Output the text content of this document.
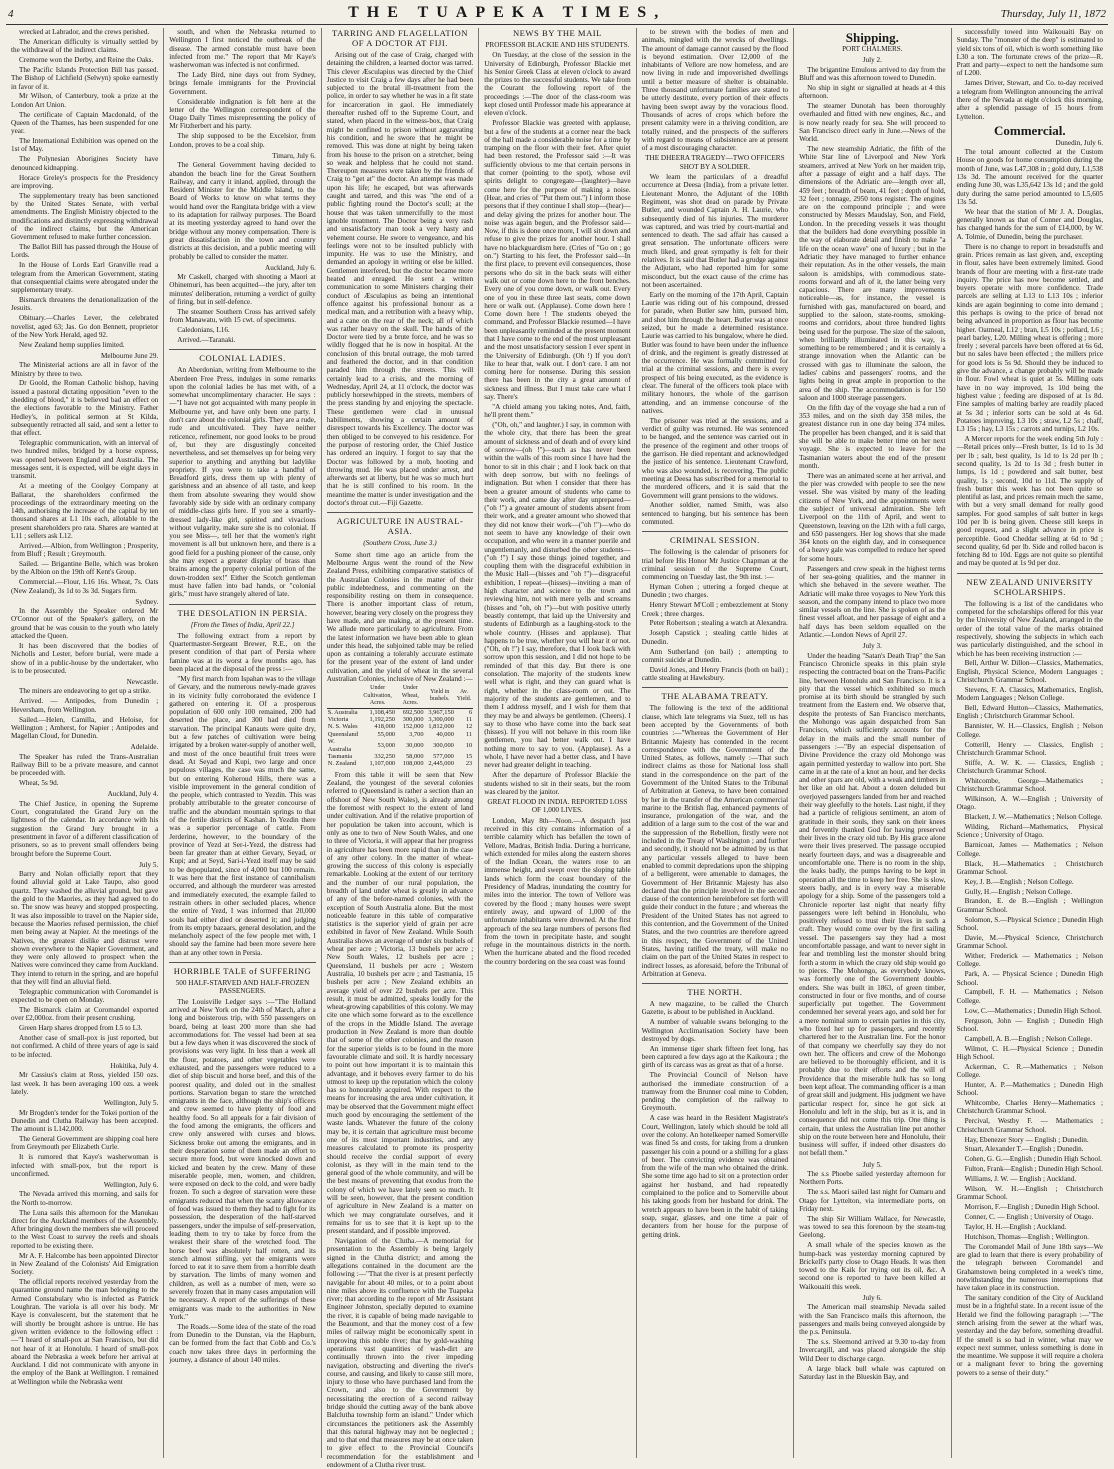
4	THE TUAPEKA TIMES,	Thursday, July 11, 1872

wrecked at Labrador, and the crews perished.

The American difficulty is virtually settled by the withdrawal of the indirect claims.

Cremorne won the Derby, and Reine the Oaks.

The Pacific Islands Protection Bill has passed. The Bishop of Lichfield (Selwyn) spoke earnestly in favor of it.

Mr Wilson, of Canterbury, took a prize at the London Art Union.

The certificate of Captain Macdonald, of the Queen of the Thames, has been suspended for one year.

The International Exhibition was opened on the 1st of May.

The Polynesian Aborigines Society have denounced kidnapping.

Horace Greley's prospects for the Presidency are improving.

The supplementary treaty has been sanctioned by the United States Senate, with verbal amendments. The English Ministry objected to the modifications and distinctly expressing withdrawal of the indirect claims, but the American Government refused to make further concession.

The Ballot Bill has passed through the House of Lords.

In the House of Lords Earl Granville read a telegram from the American Government, stating that consequential claims were abrogated under the supplementary treaty.

Bismarck threatens the denationalization of the Jesuits.

Obituary.—Charles Lever, the celebrated novelist, aged 63; Jas. Go don Bennett, proprietor of the New York Herald, aged 92.

New Zealand hemp supplies limited.

Melbourne June 29.

The Ministerial actions are all in favor of the Ministry by three to two.

Dr Goold, the Roman Catholic bishop, having issued a pastoral dictating opposition "even to the shedding of blood," it is believed bad an effect on the elections favorable to the Ministry. Father Hedley's, in political sermon at St Kilda, subsequently retracted all said, and sent a letter to that effect.

Telegraphic communication, with an interval of two hundred miles, bridged by a horse express, was opened between England and Australia. The messages sent, it is expected, will be eight days in transmit.

At a meeting of the Coolgey Company at Ballarat, the shareholders confirmed the proceedings of the extraordinary meeting on the 14th, authorising the increase of the capital by ten thousand shares at L1 10s each, allotable to the present shareholders pro rata. Shares are wanted at L11 ; sellers ask L12.

Arrived.—Albion, from Wellington ; Prosperity, from Bluff ; Result ; Greymouth.

Sailed. — Brigantine Belle, which was broken by the Albion on the 19th off Kent's Group.

Commercial.—Flour, L16 16s. Wheat, 7s. Oats (New Zealand), 3s 1d to 3s 3d. Sugars firm.

Sydney.

In the Assembly the Speaker ordered Mr O'Connor out of the Speaker's gallery, on the ground that he was cousin to the youth who lately attacked the Queen.

It has been discovered that the bodies of Nicholls and Lester, before burial, were made a show of in a public-house by the undertaker, who is to be prosecuted.

Newcastle.

The miners are endeavoring to get up a strike.

Arrived. — Antipodes, from Dunedin ; Heversham, from Wellington.

Sailed.—Helen, Camilla, and Heloise, for Wellington ; Amherst, for Napier ; Antipodes and Magellan Cloud, for Dunedin.

Adelaide.

The Speaker has ruled the Trans-Australian Railway Bill to be a private measure, and cannot be proceeded with.

Wheat, 5s 9d.

Auckland, July 4.

The Chief Justice, in opening the Supreme Court, congratulated the Grand Jury on the lightness of the calendar. In accordance with his suggestion the Grand Jury brought in a presentment in favor of a different classification of prisoners, so as to prevent small offenders being brought before the Supreme Court.

July 5.

Barry and Nolan officially report that they found alluvial gold at Lake Taupo, also good quartz. They washed the alluvial ground, but gave the gold to the Maories, as they had agreed to do so. The snow was heavy and stopped prospecting. It was also impossible to travel on the Napier side, because the Maories refused permission, the chief men being away at Napier. At the meetings of the Natives, the greatest dislike and distrust were shown everywhere to the Napier Government, and they were only allowed to prospect when the Natives were convinced they came from Auckland. They intend to return in the spring, and are hopeful that they will find an alluvial field.

Telegraphic communication with Coromandel is expected to be open on Monday.

The Bismarck claim at Coromandel exported over £2,000oz. from their present crushing.

Green Harp shares dropped from L5 to L3.

Another case of small-pox is just reported, but not confirmed. A child of three years of age is said to be infected.

Hokitika, July 4.

Mr Cassius's claim at Ross, yielded 150 ozs. last week. It has been averaging 100 ozs. a week lately.

Wellington, July 5.

Mr Brogden's tender for the Tokei portion of the Dunedin and Clutha Railway has been accepted. The amount is L142,000.

The General Government are shipping coal here from Greymouth per Elizabeth Curle.

It is rumored that Kaye's washerwoman is infected with small-pox, but the report is unconfirmed.

Wellington, July 6.

The Nevada arrived this morning, and sails for the North to-morrow.

The Luna sails this afternoon for the Manukau direct for the Auckland members of the Assembly. After bringing down the members she will proceed to the West Coast to survey the reefs and shoals reported to be existing there.

Mr A. F. Halcombe has been appointed Director in New Zealand of the Colonists' Aid Emigration Society.

The official reports received yesterday from the quarantine ground name the man belonging to the Armed Constabulary who is infected as Patrick Loughran. The variola is all over his body. Mr Kaye is convalescent, but the statement that he will shortly be brought ashore is untrue. He has given written evidence to the following effect :—"I heard of small-pox at San Francisco, but did not hear of it at Honolulu. I heard of small-pox aboard the Nebraska a week before her arrival at Auckland. I did not communicate with anyone in the employ of the Bank at Wellington. I remained at Wellington while the Nebraska went

south, and when the Nebraska returned to Wellington I first noticed the outbreak of the disease. The armed constable must have been infected from me." The report that Mr Kaye's washerwoman was infected is not confirmed.

The Lady Bird, nine days out from Sydney, brings female immigrants for the Provincial Government.

Considerable indignation is felt here at the letter of the Wellington correspondent of the Otago Daily Times misrepresenting the policy of Mr Fitzherbert and his party.

The ship supposed to be the Excelsior, from London, proves to be a coal ship.

Timaru, July 6.

The General Government having decided to abandon the beach line for the Great Southern Railway, and carry it inland, applied, through the Resident Minister for the Middle Island, to the Board of Works to know on what terms they would hand over the Rangitata bridge with a view to its adaptation for railway purposes. The Board at its meeting yesterday agreed to hand over the bridge without any money compensation. There is great dissatisfaction in the town and country districts at this decision, and a public meeting will probably be called to consider the matter.

Auckland, July 6.

Mr Caskell, charged with shooting a Maori at Ohinemuri, has been acquitted—the jury, after ten minutes' deliberation, returning a verdict of guilty of firing, but in self-defence.

The steamer Southern Cross has arrived safely from Manawatu, with 15 cwt. of specimens.

Caledonians, L16.

Arrived.—Taranaki.

COLONIAL LADIES.

An Aberdonian, writing from Melbourne to the Aberdeen Free Press, indulges in some remarks upon the colonial ladies he has met with, of a somewhat uncomplimentary character. He says :—"I have not got acquainted with many people in Melbourne yet, and have only been one party. I don't care about the colonial girls. They are a rude, rude and uncultivated. They have neither reticence, refinement, nor good looks to be proud of, but they are disgustingly conceited nevertheless, and set themselves up for being very superior to anything and anything but ladylike propriety. If you were to take a handful of Breadford girls, dress them up with plenty of garishness and an absence of all taste, and keep them from absolute swearing they would show favorably side by side with an ordinary company of middle-class girls here. If you see a smartly-dressed lady-like girl, spirited and vivacious without vulgarity, make sure she is no colonial. If you see Miss—, tell her that the women's right movement is all but unknown here, and there is a good field for a pushing pioneer of the cause, only she may expect a greater display of brass than brains among the property colonial portion of the down-trodden sex!" Either the Scotch gentleman must have fallen into bad hands, or "colonial girls," must have strangely altered of late.

THE DESOLATION IN PERSIA.

[From the Times of India, April 22.]

The following extract from a report by Quartermaster-Sergeant Brewer, R.E., on the present condition of that part of Persia where famine was at its worst a few months ago, has been placed at the disposal of the press :—

"My first march from Ispahan was to the village of Gevary, and the numerous newly-made graves in its vicinity fully corroborated the evidence I gathered on entering it. Of a prosperous population of 600 only 100 remained, 200 had deserted the place, and 300 had died from starvation. The principal Kanauts were quite dry, but a few patches of cultivation were being irrigated by a broken water-supply of another well, and most of the once beautiful fruit trees were dead. At Seyad and Kupi, two large and once populous villages, the case was much the same, but on entering Koheroud Hills, there was a visible improvement in the general condition of the people, which contrasted to Yezdin. This was probably attributable to the greater concourse of traffic and the abundant mountain springs to that of the fertile districts of Kashan. In Yezdin there was a superior percentage of cattle. From Jerderine, however, to the boundary of the province of Yezd at Ser-i-Yezd, the distress had been far greater than at either Gevary, Seyad, or Kupi; and at Seyd, Sari-i-Yezd itself may be said to be depopulated, since of 4,000 but 100 remain. It was here that the first instance of cannibalism occurred, and although the murderer was arrested and immediately executed, the example failed to restrain others in other secluded places, whence the entire of Yezd, I was informed that 20,000 souls had either died or deserted it; and judging from its empty bazaars, general desolation, and the melancholy aspect of the few people met with, I should say the famine had been more severe here than at any other town in Persia.

HORRIBLE TALE of SUFFERING
500 HALF-STARVED AND HALF-FROZEN PASSENGERS.

The Louisville Ledger says :—"The Holland arrived at New York on the 24th of March, after a long and boisterous trip, with 550 passengers on board, being at least 200 more than she had accommodations for. The vessel had been at sea but a few days when it was discovered the stock of provisions was very light. In less than a week all the flour, potatoes, and other vegetables were exhausted, and the passengers were reduced to a diet of ship biscuit and horse beef, and this of the poorest quality, and doled out in the smallest portions. Starvation began to stare the wretched emigrants in the face, although the ship's officers and crew seemed to have plenty of food and healthy food. So all appeals for a fair division of the food among the emigrants, the officers and crew only answered with curses and blows. Sickness broke out among the emigrants, and in their desperation some of them made an effort to secure more food, but were knocked down and kicked and beaten by the crew. Many of these miserable people, men, women, and children, were exposed on deck to the cold, and were badly frozen. To such a degree of starvation were these emigrants reduced that when the scanty allowance of food was issued to them they had to fight for its possession, the desperation of the half-starved passengers, under the impulse of self-preservation, leading them to try to take by force from the weakest their share of the wretched food. The horse beef was absolutely half rotten, and its stench almost stifling, yet the emigrants were forced to eat it to save them from a horrible death by starvation. The limbs of many women and children, as well as a number of men, were so severely frozen that in many cases amputation will be necessary. A report of the sufferings of these emigrants was made to the authorities in New York."

The Roads.—Some idea of the state of the road from Dunedin to the Dunstan, via the Hapburn, can be formed from the fact that Cobb and Co.'s coach now takes three days in performing the journey, a distance of about 140 miles.

TARRING AND FLAGELLATION OF A DOCTOR AT FIJI.

Arising out of the case of Craig, charged with detaining the children, a learned doctor was tarred. This clever Æsculapius was directed by the Chief Justice to visit Craig a few days after he had been subjected to the brutal ill-treatment from the police, in order to say whether he was in a fit state for incarceration in gaol. He immediately thereafter rushed off to the Supreme Court, and stated, when placed in the witness-box, that Craig might be confined to prison without aggravating his condition, and he swore that he might be removed. This was done at night by being taken from his house to the prison on a stretcher, being so weak and helpless that he could not stand. Thereupon measures were taken by the friends of Craig to "get at" the doctor. An attempt was made upon his life; he escaped, but was afterwards caught and tarred, and this was "the end of a public fighting round the Doctor's scull; at the house that was taken unmercifully to the most ignoble treatment. The Doctor being a very rash and unsatisfactory man took a very hasty and vehement course. He swore to vengeance, and his feelings were not to be insulted publicly with impunity. He was to use the Ministry, and demanded an apology in writing or else be killed. Gentlemen interfered, but the doctor became more heated and enraged. He sent a written communication to some Ministers charging their conduct of Æsculapius as being an intentional offence against his professional honour as a medical man, and a retribution with a heavy whip, and a cane on the rear of the neck; all of which was rather heavy on the skull. The hands of the Doctor were tied by a brute force, and he was so wildly flogged that he is now in hospital. At the conclusion of this brutal outrage, the mob tarred and feathered the doctor, and in that condition paraded him through the streets. This will certainly lead to a crisis, and the morning of Wednesday, April 24, at 11 o'clock, the doctor was publicly horsewhipped in the streets, members of the press standing by and enjoying the spectacle. These gentlemen were clad in unusual habiliments, showing a certain amount of disrespect towards his Excellency. The doctor was then obliged to be conveyed to his residence. For the purpose of restoring order, the Chief Justice has ordered an inquiry. I forgot to say that the Doctor was followed by a mob, hooting and throwing mud. He was placed under arrest, and afterwards set at liberty, but he was so much hurt that he is still confined to his room. In the meantime the matter is under investigation and the doctor's throat cut.—Fiji Gazette.

AGRICULTURE IN AUSTRAL-ASIA.

(Southern Cross, June 3.)

Some short time ago an article from the Melbourne Argus went the round of the New Zealand Press, exhibiting comparative statistics of the Australian Colonies in the matter of their public indebtedness, and commenting on the responsibility resting on them in consequence. There is another important class of return, however, bearing very closely on the progress they have made, and are making, at the present time. We allude more particularly to agriculture. From the latest information we have been able to glean under this head, the subjoined table may be relied upon as containing a tolerably accurate estimate for the present year of the extent of land under cultivation, and the yield of wheat in the several Australian Colonies, inclusive of New Zealand :—

	Under Cultivation, Acres.	Under Wheat, Acres.	Yield in bushels.	Av. Yield.
S. Australia	1,108,450	692,500	3,967,150	6
Victoria	1,192,250	300,000	3,300,000	11
N. S. Wales	418,000	152,000	1,812,000	12
Queensland	55,000	3,700	40,000	11
W. Australia	53,000	30,000	300,000	10
Tasmania	332,250	58,000	577,000	15
N. Zealand	1,107,000	108,000	2,445,000	23

From this table it will be seen that New Zealand, the youngest of the several colonies referred to (Queensland is rather a section than an offshoot of New South Wales), is already among the foremost with respect to the extent of land under cultivation. And if the relative proportion of her population be taken into account, which is only as one to two of New South Wales, and one to three of Victoria, it will appear that her progress in agriculture has been more rapid than in the case of any other colony. In the matter of wheat-growing the success of this colony is especially remarkable. Looking at the extent of our territory and the number of our rural population, the breadth of land under wheat is greatly in advance of any of the before-named colonies, with the exception of South Australia alone. But the most noticeable feature in this table of comparative statistics is the superior yield of grain per acre exhibited in favor of New Zealand. While South Australia shows an average of under six bushels of wheat per acre ; Victoria, 13 bushels per acre ; New South Wales, 12 bushels per acre ; Queensland, 11 bushels per acre ; Western Australia, 10 bushels per acre ; and Tasmania, 15 bushels per acre ; New Zealand exhibits an average yield of over 22 bushels per acre. This result, it must be admitted, speaks loudly for the wheat-growing capabilities of this colony. We may cite one which some forward as to the excellence of the crops in the Middle Island. The average production in New Zealand is more than double that of some of the other colonies, and the reason for the superior yields is to be found in the more favourable climate and soil. It is hardly necessary to point out how important it is to maintain this advantage, and it behoves every farmer to do his utmost to keep up the reputation which the colony has so honourably acquired. With respect to the means for increasing the area under cultivation, it may be observed that the Government might effect much good by encouraging the settlement of the waste lands. Whatever the future of the colony may be, it is certain that agriculture must become one of its most important industries, and any measures calculated to promote its prosperity should receive the cordial support of every colonist, as they will in the main tend to the general good of the whole community, and will be the best means of preventing that exodus from the colony of which we have lately seen so much. It will be seen, however, that the present condition of agriculture in New Zealand is a matter on which we may congratulate ourselves, and it remains for us to see that it is kept up to the present standard, and if possible improved.

Navigation of the Clutha.—A memorial for presentation to the Assembly is being largely signed in the Clutha district; and among the allegations contained in the document are the following :—"That the river is at present perfectly navigable for about 40 miles, or to a point about nine miles above its confluence with the Tuapeka river; that according to the report of Mr Assistant Engineer Johnston, specially deputed to examine the river, it is capable of being made navigable to the Beaumont, and that the money cost of a few miles of railway might be economically spent in improving this noble river; that by gold-washing operations vast quantities of wash-dirt are continually thrown into the river impeding navigation, obstructing and diverting the river's course, and causing, and likely to cause still more, injury to those who have purchased land from the Crown, and also to the Government by necessitating the erection of a second railway bridge should the cutting away of the bank above Balclutha township form an island." Under which circumstances the petitioners ask the Assembly that this natural highway may not be neglected ; and to that end that measures may be at once taken to give effect to the Provincial Council's recommendation for the establishment and endowment of a Clutha river trust.

NEWS BY THE MAIL
PROFESSOR BLACKIE AND HIS STUDENTS.

On Tuesday, at the close of the session in the University of Edinburgh, Professor Blackie met his Senior Greek Class at eleven o'clock to award the prizes to the successful students. We take from the Courant the following report of the proceedings :—The door of the class-room was kept closed until Professor made his appearance at eleven o'clock.

Professor Blackie was greeted with applause, but a few of the students at a corner near the back of the hall made a considerable noise for a time by tramping on the floor with their feet. After quiet had been restored, the Professor said :—It was sufficiently obvious to me that certain persons in that corner (pointing to the spot), whose evil spirits delight to congregate—(laughter)—have come here for the purpose of making a noise. (Hear, and cries of "Put them out.") I inform those persons that if they continue I shall stop—(hear)—and delay giving the prizes for another hour. The noise was again begun, and the Professor said—Now, if this is done once more, I will sit down and refuse to give the prizes for another hour. I shall have no blackguardism here. (Cries of "Go on ; go on.") Starting to his feet, the Professor said—In the first place, to prevent evil consequences, those persons who do sit in the back seats will either walk out or come down here to the front benches. Every one of you come down, or walk out. Every one of you in these three last seats, come down here or walk out. (Applause). Come down here ! Come down here ! The students obeyed the command, and Professor Blackie resumed—I have been unpleasantly reminded at the present moment that I have come to the end of the most unpleasant and the most unsatisfactory session I ever spent in the University of Edinburgh. (Oh !) If you don't like to hear that, walk out. I don't care. I am not coming here for nonsense. During this session there has been in the city a great amount of sickness and illness. But I must take care what I say. There's

"A chield amang you taking notes, And, faith, he'll prent them."

("Oh, oh," and laughter.) I say, in common with the whole city, that there has been the great amount of sickness and of death and of every kind of sorrow—(oh !")—such as has never been within the walls of this room since I have had the honor to sit in this chair ; and I look back on that with deep sorrow, but with no feelings of indignation. But when I consider that there has been a greater amount of students who came to their work, and came day after day unprepared—("oh !") a greater amount of students absent from their work, and a greater amount who showed that they did not know their work—("oh !")—who do not seem to have any knowledge of their own occupation, and who were in a manner puerile and ungentlemanly, and disturbed the other students—("oh !") I say those things joined together, and coupling them with the disgraceful exhibition in the Music Hall—(hisses and "oh !")—disgraceful exhibition, I repeat—(hisses)—inviting a man of high character and science to the town and reviewing him, not with mere yells and screams (hisses and "oh, oh !")—but with positive utterly beastly contempt, that laid up the University and students of Edinburgh as a laughing-stock to the whole country. (Hisses and applause). That happens to be true, whether you will hear it or not. ("Oh, oh !") I say, therefore, that I look back with sorrow upon this session, and I did not hope to be reminded of that this day. But there is one consolation. The majority of the students knew well what is right, and they can guard what is right, whether in the class-room or out. The majority of the students are gentlemen, and to them I address myself, and I wish for them that they may be and always be gentlemen. (Cheers). I say to those who have come into the back seat (hisses). If you will not behave in this room like gentlemen, you had better walk out. I have nothing more to say to you. (Applause). As a whole, I have never had a better class, and I have never had greater delight in teaching.

After the departure of Professor Blackie the students wished to sit in their seats, but the room was cleared by the janitor.

GREAT FLOOD IN INDIA. REPORTED LOSS OF 1,000 LIVES.

London, May 8th—Noon.—A despatch just received in this city contains information of a terrible calamity which has befallen the town of Vellore, Madras, British India. During a hurricane, which extended for miles along the eastern shores of the Indian Ocean, the waters rose to an immense height, and swept over the sloping table lands which form the coast boundary of the Presidency of Madras, inundating the country for miles into the interior. The town of Vellore was covered by the flood ; many houses were swept entirely away, and upward of 1,000 of the unfortunate inhabitants were drowned. At the first approach of the sea large numbers of persons fled from the town in precipitate haste, and sought refuge in the mountainous districts in the north. When the hurricane abated and the flood receded the country bordering on the sea coast was found

to be strewn with the bodies of men and animals, mingled with the wrecks of dwellings. The amount of damage cannot caused by the flood is beyond estimation. Over 12,000 of the inhabitants of Vellore are now homeless, and are now living in rude and impoverished dwellings until a better measure of shelter is obtainable. Three thousand unfortunate families are stated to be utterly destitute, every portion of their effects having been swept away by the voracious flood. Thousands of acres of crops which before the present calamity were in a thriving condition, are totally ruined, and the prospects of the sufferers with regard to means of subsistence are at present of a most discouraging character.

THE DHEERA TRAGEDY—TWO OFFICERS SHOT BY A SOLDIER.

We learn the particulars of a dreadful occurrence at Deesa (India), from a private letter. Lieutenant Monro, the Adjutant of the 108th Regiment, was shot dead on parade by Private Butler, and wounded Captain A. H. Laurie, who subsequently died of his injuries. The murderer was captured, and was tried by court-martial and sentenced to death. The sad affair has caused a great sensation. The unfortunate officers were much liked, and great sympathy is felt for their relatives. It is said that Butler had a grudge against the Adjutant, who had reported him for some misconduct, but the exact cause of the crime has not been ascertained.

Early on the morning of the 17th April, Captain Laurie was riding out of his compound, dressed for parade, when Butler saw him, pursued him, and shot him through the heart. Butler was at once seized, but he made a determined resistance. Laurie was carried to his bungalow, where he died. Butler was found to have been under the influence of drink, and the regiment is greatly distressed at the occurrence. He was formally committed for trial at the criminal sessions, and there is every prospect of his being executed, as the evidence is clear. The funeral of the officers took place with military honours, the whole of the garrison attending, and an immense concourse of the natives.

The prisoner was tried at the sessions, and a verdict of guilty was returned. He was sentenced to be hanged, and the sentence was carried out in the presence of the regiment and other troops of the garrison. He died repentant and acknowledged the justice of his sentence. Lieutenant Crawford, who was also wounded, is recovering. The public meeting at Deesa has subscribed for a memorial to the murdered officers, and it is said that the Government will grant pensions to the widows.

Another soldier, named Smith, was also sentenced to hanging, but his sentence has been commuted.

CRIMINAL SESSION.

The following is the calendar of prisoners for trial before His Honor Mr Justice Chapman at the criminal session of the Supreme Court, commencing on Tuesday last, the 9th inst. :—

Hyman Cohen ; uttering a forged cheque at Dunedin ; two charges.

Henry Stewart M'Coll ; embezzlement at Stony Creek ; three charges.

Peter Robertson ; stealing a watch at Alexandra.

Joseph Capstick ; stealing cattle hides at Dunedin.

Ann Sutherland (on bail) ; attempting to commit suicide at Dunedin.

David Jones, and Henry Francis (both on bail) ; cattle stealing at Hawksbury.

THE ALABAMA TREATY.

The following is the text of the additional clause, which late telegrams via Suez, tell us has been accepted by the Governments of both countries :—"Whereas the Government of Her Britannic Majesty has contended in the recent correspondence with the Government of the United States, as follows, namely :—That such indirect claims as those for National loss shall stand in the correspondence on the part of the Government of the United States to the Tribunal of Arbitration at Geneva, to have been contained by her in the transfer of the American commercial marine to the British flag, enhanced payments of insurance, prolongation of the war, and the addition of a large sum to the cost of the war and the suppression of the Rebellion, firstly were not included in the Treaty of Washington ; and further and secondly, it should not be admitted by us that any particular vessels alleged to have been enabled to commit depredations upon the shipping of a belligerent, were amenable to damages, the Government of Her Britannic Majesty has also declared that the principle involved in the second clause of the contention hereinbefore set forth will guide their conduct in the future ; and whereas the President of the United States has not agreed to this contention, and the Government of the United States, and the two countries are therefore agreed in this respect, the Government of the United States, having ratified the treaty, will make no claim on the part of the United States in respect to indirect losses, as aforesaid, before the Tribunal of Arbitration at Geneva.

THE NORTH.

A new magazine, to be called the Church Gazette, is about to be published in Auckland.

A number of valuable swans belonging to the Wellington Acclimatisation Society have been destroyed by dogs.

An immense tiger shark fifteen feet long, has been captured a few days ago at the Kaikoura ; the girth of its carcass was as great as that of a horse.

The Provincial Council of Nelson have authorised the immediate construction of a tramway from the Brunner coal mine to Cobden, pending the completion of the railway to Greymouth.

A case was heard in the Resident Magistrate's Court, Wellington, lately which should be told all over the colony. An hotelkeeper named Somerville was fined 5s and costs, for taking from a drunken passenger his coin a pound or a shilling for a glass of beer. The convicting evidence was obtained from the wife of the man who obtained the drink. She some time ago had to sit on a protection order against her husband, and had repeatedly complained to the police and to Somerville about his taking goods from her husband for drink. The wretch appears to have been in the habit of taking soap, sugar, glasses, and one time a pair of decanters from her house for the purpose of getting drink.

Shipping.
PORT CHALMERS.
July 2.

The brigantine Emulous arrived to day from the Bluff and was this afternoon towed to Dunedin.

No ship in sight or signalled at heads at 4 this afternoon.

The steamer Dunotah has been thoroughly overhauled and fitted with new engines, &c., and is now nearly ready for sea. She will proceed to San Francisco direct early in June.—News of the World.

The new steamship Adriatic, the fifth of the White Star line of Liverpool and New York steamers, arrived at New York on her maiden trip, after a passage of eight and a half days. The dimensions of the Adriatic are—length over all, 459 feet ; breadth of beam, 41 feet ; depth of hold, 32 feet ; tonnage, 2950 tons register. The engines are on the compound principle ; and were constructed by Messrs Maudslay, Son, and Field, London. In the preceding vessels it was thought that the builders had done everything possible in the way of elaborate detail and finish to make "a life on the ocean wave" one of luxury ; but in the Adriatic they have managed to further enhance their reputation. As in the other vessels, the main saloon is amidships, with commodious state-rooms forward and aft of it, the latter being very capacious. There are many improvements noticeable—as, for instance, the vessel is furnished with gas, manufactured on board, and supplied to the saloon, state-rooms, smoking-rooms and corridors, about three hundred lights being used for the purpose. The size of the saloon, when brilliantly illuminated in this way, is something to be remembered ; and it is certainly a strange innovation when the Atlantic can be crossed with gas to illuminate the saloon, the ladies' cabins and passengers' rooms, and the lights being in great ample in proportion to the area of the ship. The accommodation is for 150 saloon and 1000 steerage passengers.

On the fifth day of the voyage she had a run of 353 miles, and on the sixth day 358 miles, the greatest distance run in one day being 374 miles. The propeller has been changed, and it is said that she will be able to make better time on her next voyage. She is expected to leave for the Tasmanian waters about the end of the present month.

There was an animated scene at her arrival, and the pier was crowded with people to see the new vessel. She was visited by many of the leading citizens of New York, and the appointments were the subject of universal admiration. She left Liverpool on the 11th of April, and went to Queenstown, leaving on the 12th with a full cargo, and 650 passengers. Her log shows that she made 364 knots on the eighth day, and in consequence of a heavy gale was compelled to reduce her speed for some hours.

Passengers and crew speak in the highest terms of her sea-going qualities, and the manner in which she behaved in the severe weather. The Adriatic will make three voyages to New York this season, and the company intend to place two more similar vessels on the line. She is spoken of as the finest vessel afloat, and her passage of eight and a half days has been seldom equalled on the Atlantic.—London News of April 27.

July 3.

Under the heading "Satan's Death Trap" the San Francisco Chronicle speaks in this plain style respecting the contracted boat on the Trans-Pacific line, between Honolulu and San Francisco. It is a pity that the vessel which exhibited so much promise at its birth should be strangled by such treatment from the Eastern end. We observe that, despite the protests of San Francisco merchants, the Mohongo was again despatched from San Francisco, which sufficiently accounts for the delay in the mails and the small number of passengers :—"By an especial dispensation of Divine Providence the crazy old Mohongo was again permitted yesterday to wallow into port. She came in at the rate of a knot an hour, and her decks and other spars are old, with a weak and timbers in her like an old hat. About a dozen deluded but overjoyed passengers landed from her and reached their way gleefully to the hotels. Last night, if they had a particle of religious sentiment, an atom of gratitude in their souls, they sank on their knees and fervently thanked God for having preserved their lives in the crazy old tub. By His grace alone were their lives preserved. The passage occupied nearly fourteen days, and was a disagreeable and uncomfortable one. There is no room in the ship, the leaks badly, the pumps having to be kept in operation all the time to keep her free. She is slow, steers badly, and is in every way a miserable apology for a ship. Some of the passengers told a Chronicle reporter last night that nearly fifty passengers were left behind in Honolulu, who positively refused to trust their lives in such a craft. They would come over by the first sailing vessel. The passengers say they had a most uncomfortable passage, and want to never sight in fear and trembling lest the monster should bring forth a storm in which the crazy old ship would go to pieces. The Mohongo, as everybody knows, was formerly one of the Government double-enders. She was built in 1863, of green timber, constructed in four or five months, and of course superficially put together. The Government condemned her several years ago, and sold her for a mere nominal sum to certain parties in this city, who fixed her up for passengers, and recently chartered her to the Australian line. For the honor of that company we cheerfully say they do not own her. The officers and crew of the Mohongo are believed to be thoroughly efficient, and it is probably due to their efforts and the will of Providence that the miserable hulk has so long been kept afloat. The commanding officer is a man of great skill and judgment. His judgment we have particular respect for, since he got sick at Honolulu and left in the ship, but as it is, and in consequence did not come this trip. One thing is certain, that unless the Australian line put another ship on the route between here and Honolulu, their business will suffer, if indeed other disasters do not befall them."

July 5.

The s.s Phoebe sailed yesterday afternoon for Northern Ports.

The s.s. Maori sailed last night for Oamaru and Otago for Lyttelton, via intermediate ports, on Friday next.

The ship Sir William Wallace, for Newcastle, was towed to sea this forenoon by the steam-tug Geelong.

A small whale of the species known as the hump-back was yesterday morning captured by Brickell's party close to Otago Heads. It was then towed to the Kaik for trying out its oil, &c. A second one is reported to have been killed at Waikouaiti this week.

July 6.

The American mail steamship Nevada sailed with the San Francisco mails this afternoon, the passengers and mails being conveyed alongside by the p.s. Peninsula.

The s.s. Sleemond arrived at 9.30 to-day from Invercargill, and was placed alongside the ship Wild Deer to discharge cargo.

A large black bull whale was captured on Saturday last in the Blueskin Bay, and

successfully towed into Waikouaiti Bay on Sunday. The "monster of the deep" is estimated to yield six tons of oil, which is worth something like L30 a ton. The fortunate crews of the prize—R. Pratt and party—expect to nett the handsome sum of L200.

James Driver, Stewart, and Co. to-day received a telegram from Wellington announcing the arrival there of the Nevada at eight o'clock this morning, after a splendid passage of 15 hours from Lyttelton.

Commercial.
Dunedin, July 6.

The total amount collected at the Custom House on goods for home consumption during the month of June, was L47,308 in ; gold duty, L1,538 13s 3d. The amount received for the quarter ending June 30, was L35,642 13s 1d ; and the gold duty during the same period amounted to L5,605 13s 5d.

We hear that the station of Mr J. A. Douglas, generally known as that of Conner and Douglas, has changed hands for the sum of £14,000, by W. A. Tolmie, of Dunedin, being the purchaser.

There is no change to report in breadstuffs and grain. Prices remain as last given, and, excepting in flour, sales have been extremely limited. Good brands of flour are meeting with a first-rate trade inquiry. The price has now become settled, and buyers operate with more confidence. Trade parcels are selling at L13 to L13 10s ; inferior kinds are again beginning to come into demand ; this perhaps is owing to the price of bread not being advanced in proportion as flour has become higher. Oatmeal, L12 ; bran, L5 10s ; pollard, L6 ; pearl barley, L20. Milling wheat is offering ; more freely ; several parcels have been offered at 6s 6d, but no sales have been effected ; the millers price for good lots is 5s 9d. Should they be induced to give the advance, a change probably will be made in flour. Fowl wheat is quiet at 5s. Milling oats have in no way improved, 1s 10d being the highest value ; feeding are disposed of at 1s 8d. Fine samples of malting barley are readily placed at 5s 3d ; inferior sorts can be sold at 4s 6d. Potatoes improving, L3 10s ; straw, L2 5s ; chaff, L3 15s ; hay, L3 15s ; carrots and turnips, L2 10s.

A Mercer reports for the week ending 5th July :—Retail prices only—Fresh butter, 1s 1d to 1s 3d per lb ; salt, best quality, 1s 1d to 1s 2d per lb ; second quality, 1s 2d to 1s 3d ; fresh butter in lumps, 1s 1d ; powdered and salt butter, best quality, 1s ; second, 10d to 11d. The supply of fresh butter this week has not been quite so plentiful as last, and prices remain much the same, with but a very small demand for really good samples. For good samples of salt butter in kegs 10d per lb is being given. Cheese still keeps in good request, and a slight advance in price is perceptible. Good Cheddar selling at 6d to 9d ; second quality, 6d per lb. Side and rolled bacon is fetching 8d to 10d. Eggs are not quite so plentiful and may be quoted at 1s 9d per doz.

NEW ZEALAND UNIVERSITY SCHOLARSHIPS.

The following is a list of the candidates who competed for the scholarships offered for this year by the University of New Zealand, arranged in the order of the total value of the marks obtained respectively, showing the subjects in which each was particularly distinguished, and the school in which he has been receiving instruction :—

Bell, Arthur W. Dillon—Classics, Mathematics, English, Physical Science, Modern Languages ; Christchurch Grammar School.

Stevens, F. A. Classics, Mathematics, English, Modern Languages ; Nelson College.

Bell, Edward Hutton—Classics, Mathematics, English ; Christchurch Grammar School.

Bannister, W. H.—Classics, English ; Nelson College.

Cotterill, Henry — Classics, English ; Christchurch Grammar School.

Stiffe, A. W. K. — Classics, English ; Christchurch Grammar School.

Whitcombe, George—Mathematics ; Christchurch Grammar School.

Wilkinson, A. W.—English ; University of Otago.

Blackett, J. W.—Mathematics ; Nelson College.

Wilding, Richard—Mathematics, Physical Science ; University of Otago.

Barnicoat, James — Mathematics ; Nelson College.

Black, H.—Mathematics ; Christchurch Grammar School.

Key, J. B.—English ; Nelson College.

Gully, H.—English ; Nelson College.

Brandon, E. de B.—English ; Wellington Grammar School.

Solomon, S.—Physical Science ; Dunedin High School.

Davie, M.—Physical Science, Christchurch Grammar School.

Wither, Frederick — Mathematics ; Nelson College.

Park, A. — Physical Science ; Dunedin High School.

Campbell, F. H. — Mathematics ; Nelson College.

Low, C.—Mathematics ; Dunedin High School.

Ferguson, John — English ; Dunedin High School.

Campbell, A. B.—English ; Nelson College.

Wilmot, C. H.—Physical Science ; Dunedin High School.

Ackerman, C. R.—Mathematics ; Nelson College.

Hunter, A. P.—Mathematics ; Dunedin High School.

Whitcombe, Charles Henry—Mathematics ; Christchurch Grammar School.

Percival, Westby F. — Mathematics ; Christchurch Grammar School.

Hay, Ebenezer Story — English ; Dunedin.

Stuart, Alexander T.—English ; Dunedin.

Cohen, G. G.—English ; Dunedin High School.

Fulton, Frank—English ; Dunedin High School.

Williams, J. W. — English ; Auckland.

Wilson, W. H.—English ; Christchurch Grammar School.

Morrison, F.—English ; Dunedin High School.

Conner, C. — English ; University of Otago.

Taylor, H. H.—English ; Auckland.

Hutchison, Thomas—English ; Wellington.

The Coromandel Mail of June 18th says—We are glad to learn that there is every probability of the telegraph between Coromandel and Grahamstown being completed in a week's time, notwithstanding the numerous interruptions that have taken place in its construction.

The sanitary condition of the City of Auckland must be in a frightful state. In a recent issue of the Herald we find the following paragraph :—"The stench arising from the sewer at the wharf was, yesterday and the day before, something dreadful. If the smell is so bad in winter, what may we expect next summer, unless something is done in the meantime. We suppose it will require a cholera or a malignant fever to bring the governing powers to a sense of their duty."
